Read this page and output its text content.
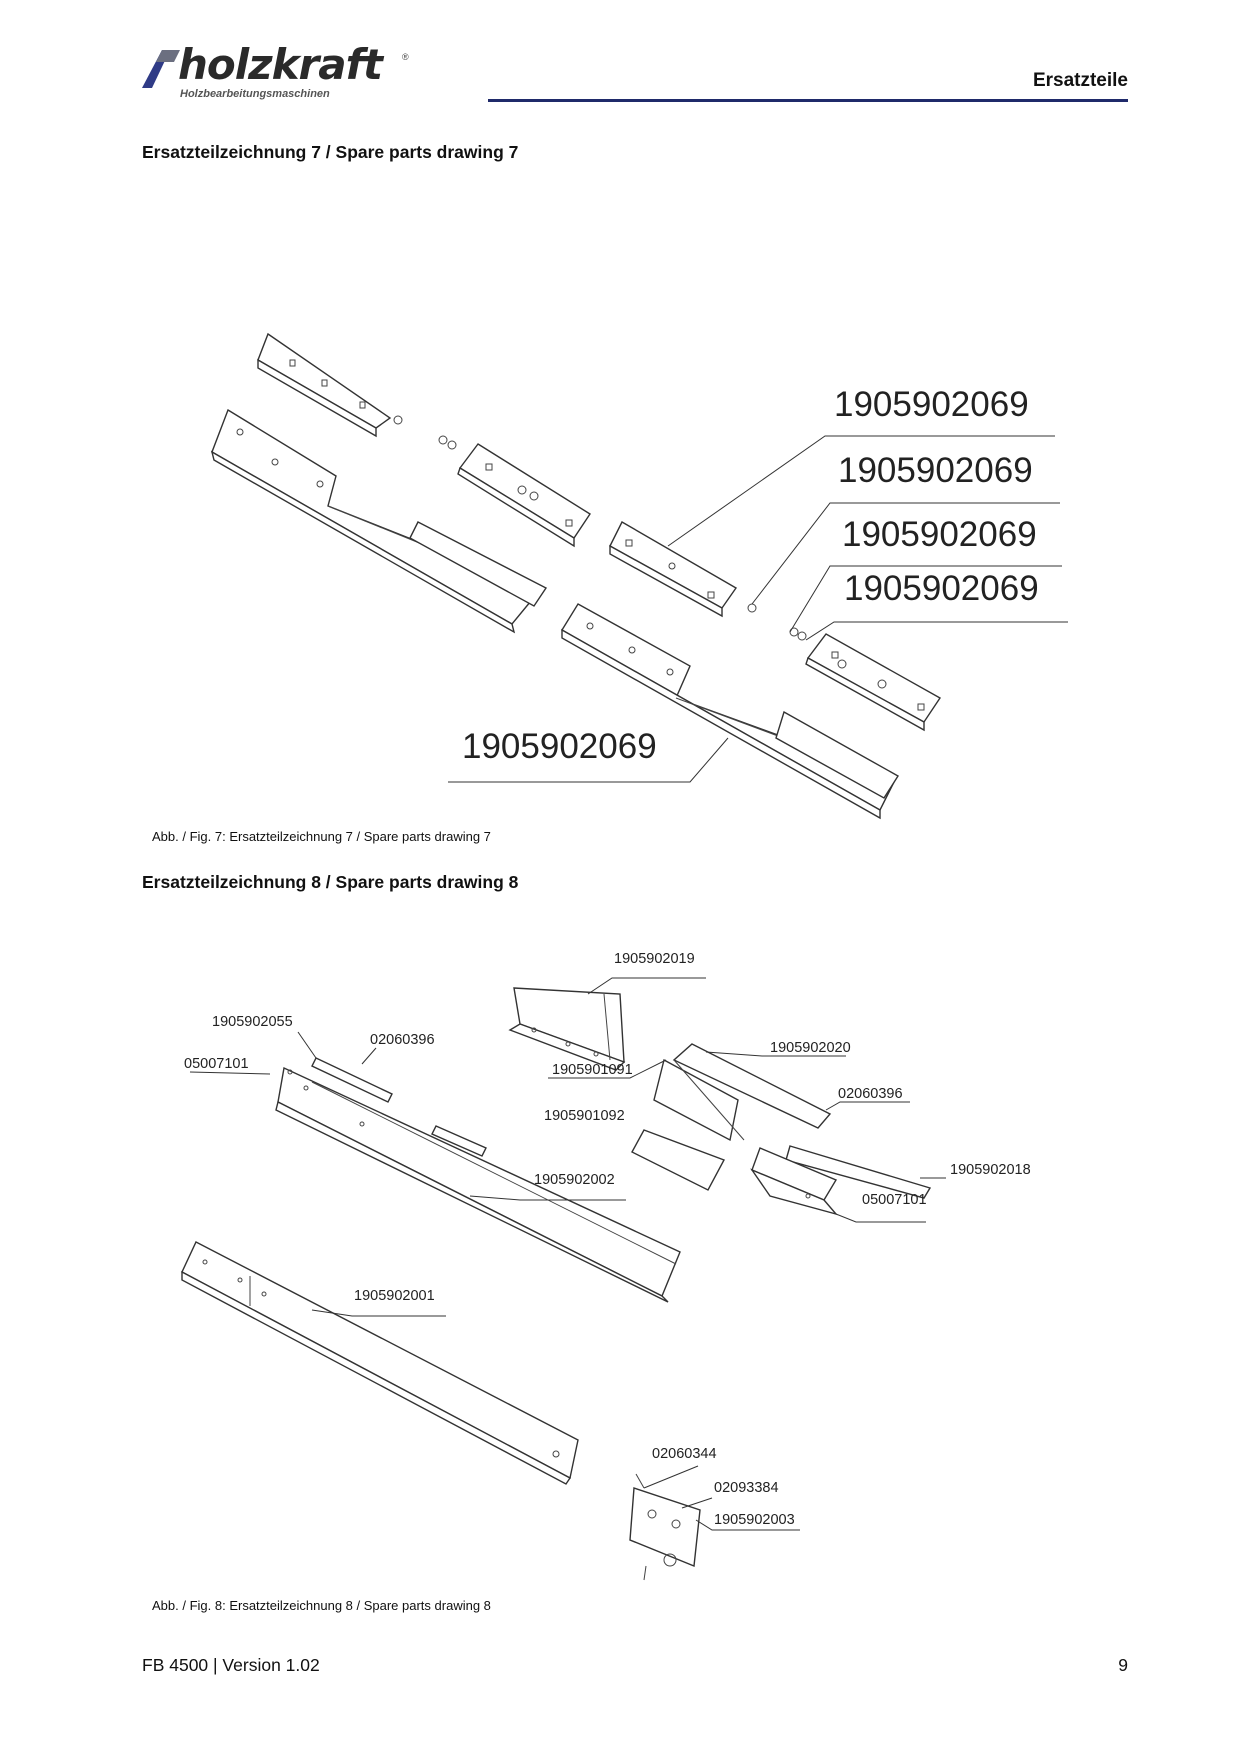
holzkraft ®
Holzbearbeitungsmaschinen
Ersatzteile
Ersatzteilzeichnung 7 / Spare parts drawing 7
1905902069
1905902069
1905902069
1905902069
1905902069
Abb. / Fig. 7: Ersatzteilzeichnung 7 / Spare parts drawing 7
Ersatzteilzeichnung 8 / Spare parts drawing 8
1905902019
1905902055
02060396
05007101	1905901091
1905902020
02060396
1905901092
1905902018
1905902002
05007101
1905902001
02060344
02093384
1905902003
Abb. / Fig. 8: Ersatzteilzeichnung 8 / Spare parts drawing 8
FB 4500 | Version 1.02	9
